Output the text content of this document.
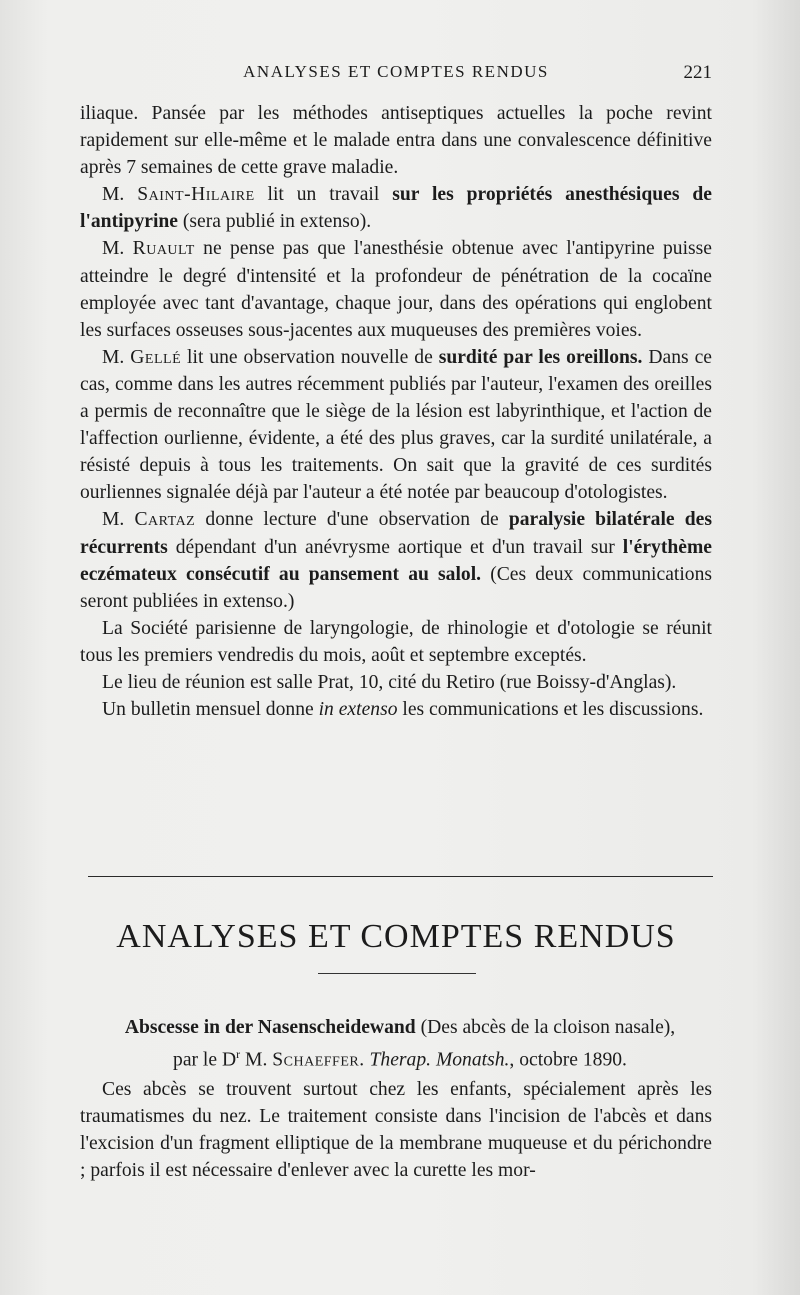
ANALYSES ET COMPTES RENDUS	221

iliaque. Pansée par les méthodes antiseptiques actuelles la poche revint rapidement sur elle-même et le malade entra dans une convalescence définitive après 7 semaines de cette grave maladie.

M. Saint-Hilaire lit un travail sur les propriétés anesthésiques de l'antipyrine (sera publié in extenso).

M. Ruault ne pense pas que l'anesthésie obtenue avec l'antipyrine puisse atteindre le degré d'intensité et la profondeur de pénétration de la cocaïne employée avec tant d'avantage, chaque jour, dans des opérations qui englobent les surfaces osseuses sous-jacentes aux muqueuses des premières voies.

M. Gellé lit une observation nouvelle de surdité par les oreillons. Dans ce cas, comme dans les autres récemment publiés par l'auteur, l'examen des oreilles a permis de reconnaître que le siège de la lésion est labyrinthique, et l'action de l'affection ourlienne, évidente, a été des plus graves, car la surdité unilatérale, a résisté depuis à tous les traitements. On sait que la gravité de ces surdités ourliennes signalée déjà par l'auteur a été notée par beaucoup d'otologistes.

M. Cartaz donne lecture d'une observation de paralysie bilatérale des récurrents dépendant d'un anévrysme aortique et d'un travail sur l'érythème eczémateux consécutif au pansement au salol. (Ces deux communications seront publiées in extenso.)

La Société parisienne de laryngologie, de rhinologie et d'otologie se réunit tous les premiers vendredis du mois, août et septembre exceptés.

Le lieu de réunion est salle Prat, 10, cité du Retiro (rue Boissy-d'Anglas).

Un bulletin mensuel donne in extenso les communications et les discussions.

ANALYSES ET COMPTES RENDUS
Abscesse in der Nasenscheidewand (Des abcès de la cloison nasale),
par le $D^r$ M. Schaeffer. Therap. Monatsh., octobre 1890.

Ces abcès se trouvent surtout chez les enfants, spécialement après les traumatismes du nez. Le traitement consiste dans l'incision de l'abcès et dans l'excision d'un fragment elliptique de la membrane muqueuse et du périchondre ; parfois il est nécessaire d'enlever avec la curette les mor-
